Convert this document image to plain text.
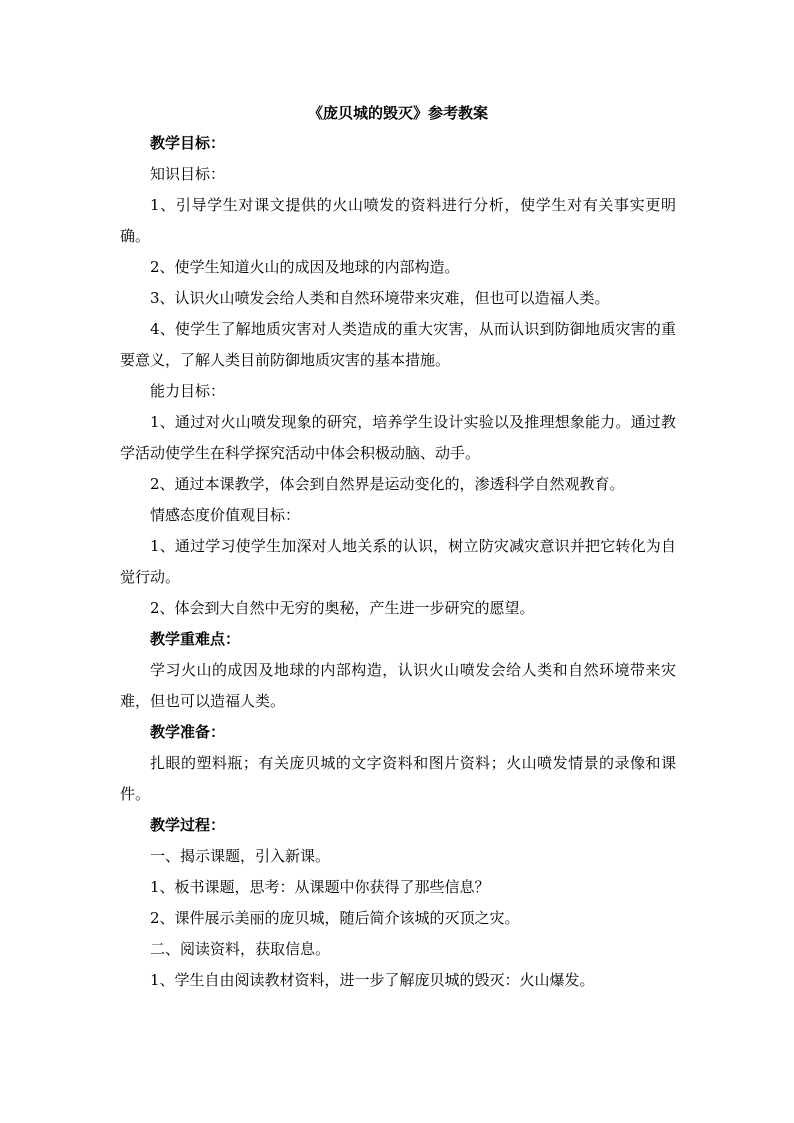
《庞贝城的毁灭》参考教案

教学目标：

知识目标：

1、引导学生对课文提供的火山喷发的资料进行分析，使学生对有关事实更明确。

2、使学生知道火山的成因及地球的内部构造。

3、认识火山喷发会给人类和自然环境带来灾难，但也可以造福人类。

4、使学生了解地质灾害对人类造成的重大灾害，从而认识到防御地质灾害的重要意义，了解人类目前防御地质灾害的基本措施。

能力目标：

1、通过对火山喷发现象的研究，培养学生设计实验以及推理想象能力。通过教学活动使学生在科学探究活动中体会积极动脑、动手。

2、通过本课教学，体会到自然界是运动变化的，渗透科学自然观教育。

情感态度价值观目标：

1、通过学习使学生加深对人地关系的认识，树立防灾减灾意识并把它转化为自觉行动。

2、体会到大自然中无穷的奥秘，产生进一步研究的愿望。

教学重难点：

学习火山的成因及地球的内部构造，认识火山喷发会给人类和自然环境带来灾难，但也可以造福人类。

教学准备：

扎眼的塑料瓶；有关庞贝城的文字资料和图片资料；火山喷发情景的录像和课件。

教学过程：

一、揭示课题，引入新课。

1、板书课题，思考：从课题中你获得了那些信息？

2、课件展示美丽的庞贝城，随后简介该城的灭顶之灾。

二、阅读资料，获取信息。

1、学生自由阅读教材资料，进一步了解庞贝城的毁灭：火山爆发。
